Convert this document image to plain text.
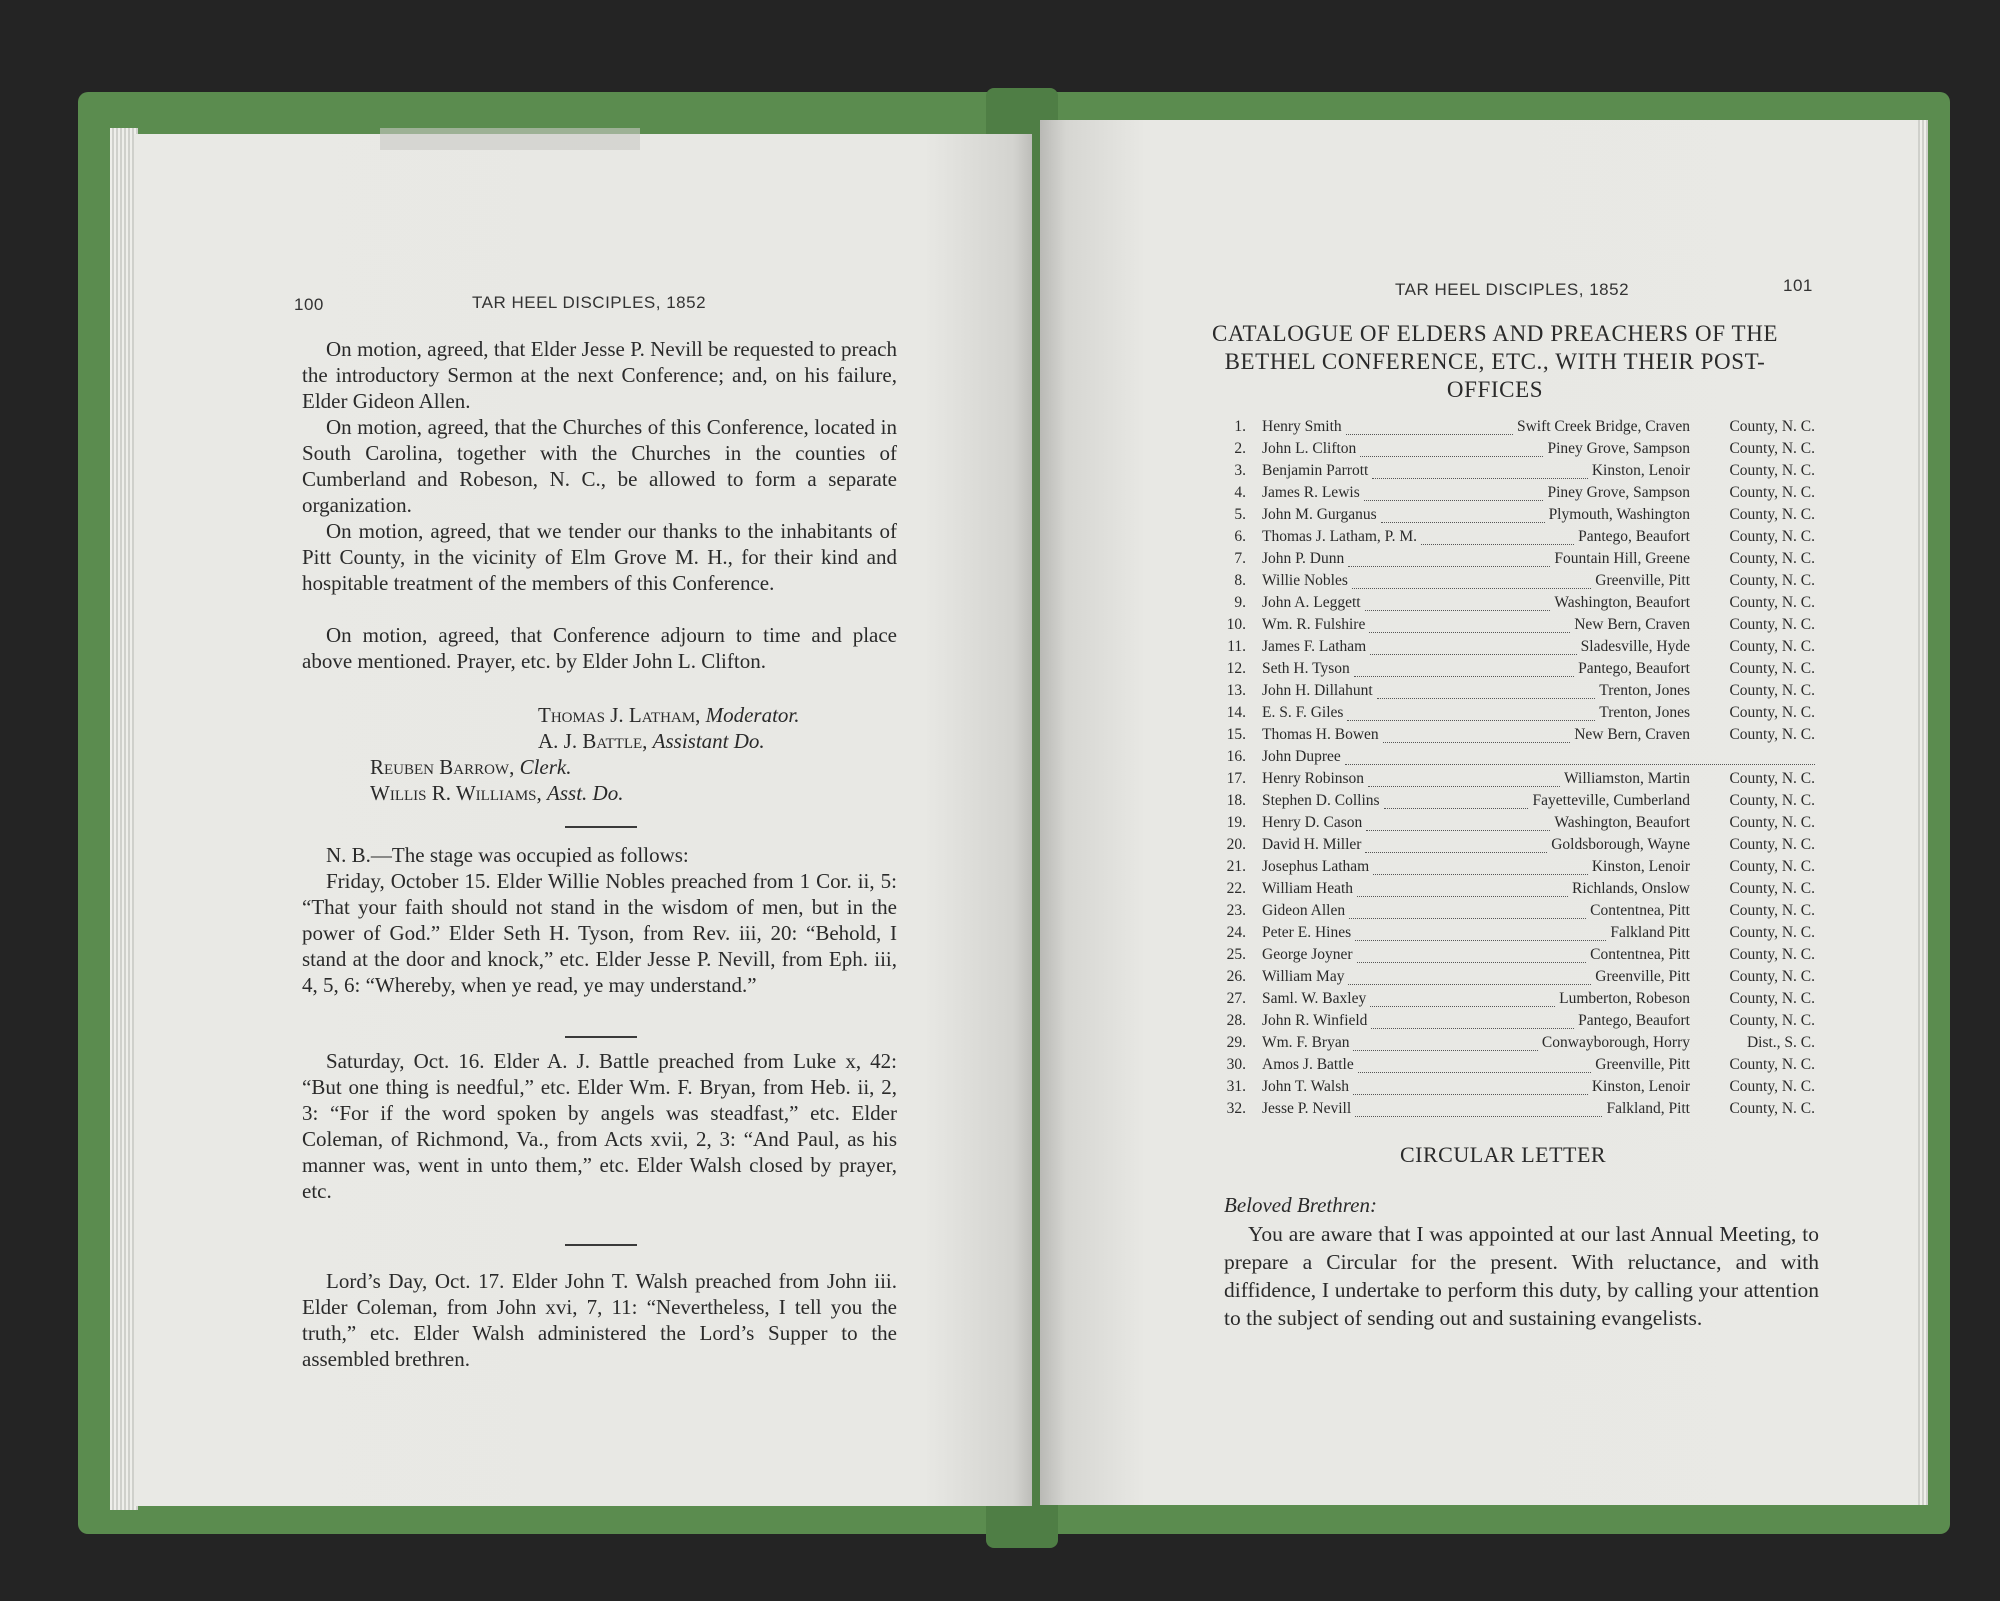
100	TAR HEEL DISCIPLES, 1852
On motion, agreed, that Elder Jesse P. Nevill be requested to preach the introductory Sermon at the next Conference; and, on his failure, Elder Gideon Allen.
On motion, agreed, that the Churches of this Conference, located in South Carolina, together with the Churches in the counties of Cumberland and Robeson, N. C., be allowed to form a separate organization.
On motion, agreed, that we tender our thanks to the inhabitants of Pitt County, in the vicinity of Elm Grove M. H., for their kind and hospitable treatment of the members of this Conference.
On motion, agreed, that Conference adjourn to time and place above mentioned. Prayer, etc. by Elder John L. Clifton.
Thomas J. Latham, Moderator.
A. J. Battle, Assistant Do.
Reuben Barrow, Clerk.
Willis R. Williams, Asst. Do.
N. B.—The stage was occupied as follows:
Friday, October 15. Elder Willie Nobles preached from 1 Cor. ii, 5: “That your faith should not stand in the wisdom of men, but in the power of God.” Elder Seth H. Tyson, from Rev. iii, 20: “Behold, I stand at the door and knock,” etc. Elder Jesse P. Nevill, from Eph. iii, 4, 5, 6: “Whereby, when ye read, ye may understand.”
Saturday, Oct. 16. Elder A. J. Battle preached from Luke x, 42: “But one thing is needful,” etc. Elder Wm. F. Bryan, from Heb. ii, 2, 3: “For if the word spoken by angels was steadfast,” etc. Elder Coleman, of Richmond, Va., from Acts xvii, 2, 3: “And Paul, as his manner was, went in unto them,” etc. Elder Walsh closed by prayer, etc.
Lord’s Day, Oct. 17. Elder John T. Walsh preached from John iii. Elder Coleman, from John xvi, 7, 11: “Nevertheless, I tell you the truth,” etc. Elder Walsh administered the Lord’s Supper to the assembled brethren.
TAR HEEL DISCIPLES, 1852	101
CATALOGUE OF ELDERS AND PREACHERS OF THE BETHEL CONFERENCE, ETC., WITH THEIR POST-OFFICES
1. Henry Smith	Swift Creek Bridge, Craven	County, N. C.
2. John L. Clifton	Piney Grove, Sampson	County, N. C.
3. Benjamin Parrott	Kinston, Lenoir	County, N. C.
4. James R. Lewis	Piney Grove, Sampson	County, N. C.
5. John M. Gurganus	Plymouth, Washington	County, N. C.
6. Thomas J. Latham, P. M.	Pantego, Beaufort	County, N. C.
7. John P. Dunn	Fountain Hill, Greene	County, N. C.
8. Willie Nobles	Greenville, Pitt	County, N. C.
9. John A. Leggett	Washington, Beaufort	County, N. C.
10. Wm. R. Fulshire	New Bern, Craven	County, N. C.
11. James F. Latham	Sladesville, Hyde	County, N. C.
12. Seth H. Tyson	Pantego, Beaufort	County, N. C.
13. John H. Dillahunt	Trenton, Jones	County, N. C.
14. E. S. F. Giles	Trenton, Jones	County, N. C.
15. Thomas H. Bowen	New Bern, Craven	County, N. C.
16. John Dupree
17. Henry Robinson	Williamston, Martin	County, N. C.
18. Stephen D. Collins	Fayetteville, Cumberland	County, N. C.
19. Henry D. Cason	Washington, Beaufort	County, N. C.
20. David H. Miller	Goldsborough, Wayne	County, N. C.
21. Josephus Latham	Kinston, Lenoir	County, N. C.
22. William Heath	Richlands, Onslow	County, N. C.
23. Gideon Allen	Contentnea, Pitt	County, N. C.
24. Peter E. Hines	Falkland Pitt	County, N. C.
25. George Joyner	Contentnea, Pitt	County, N. C.
26. William May	Greenville, Pitt	County, N. C.
27. Saml. W. Baxley	Lumberton, Robeson	County, N. C.
28. John R. Winfield	Pantego, Beaufort	County, N. C.
29. Wm. F. Bryan	Conwayborough, Horry	Dist., S. C.
30. Amos J. Battle	Greenville, Pitt	County, N. C.
31. John T. Walsh	Kinston, Lenoir	County, N. C.
32. Jesse P. Nevill	Falkland, Pitt	County, N. C.
CIRCULAR LETTER
Beloved Brethren:
You are aware that I was appointed at our last Annual Meeting, to prepare a Circular for the present. With reluctance, and with diffidence, I undertake to perform this duty, by calling your attention to the subject of sending out and sustaining evangelists.
